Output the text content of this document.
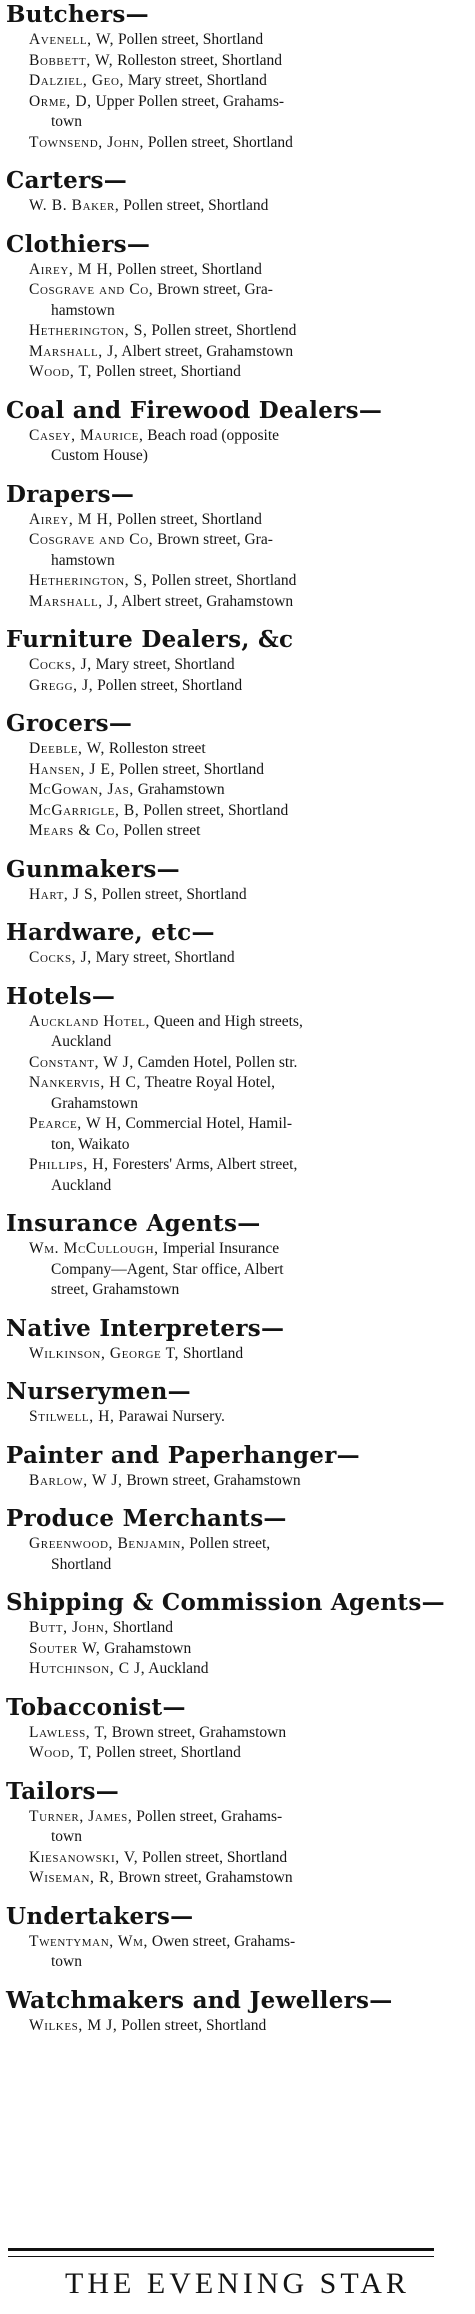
Butchers—
Avenell, W, Pollen street, Shortland
Bobbett, W, Rolleston street, Shortland
Dalziel, Geo, Mary street, Shortland
Orme, D, Upper Pollen street, Grahams-
town
Townsend, John, Pollen street, Shortland
Carters—
W. B. Baker, Pollen street, Shortland
Clothiers—
Airey, M H, Pollen street, Shortland
Cosgrave and Co, Brown street, Gra-
hamstown
Hetherington, S, Pollen street, Shortlend
Marshall, J, Albert street, Grahamstown
Wood, T, Pollen street, Shortiand
Coal and Firewood Dealers—
Casey, Maurice, Beach road (opposite
Custom House)
Drapers—
Airey, M H, Pollen street, Shortland
Cosgrave and Co, Brown street, Gra-
hamstown
Hetherington, S, Pollen street, Shortland
Marshall, J, Albert street, Grahamstown
Furniture Dealers, &c
Cocks, J, Mary street, Shortland
Gregg, J, Pollen street, Shortland
Grocers—
Deeble, W, Rolleston street
Hansen, J E, Pollen street, Shortland
McGowan, Jas, Grahamstown
McGarrigle, B, Pollen street, Shortland
Mears & Co, Pollen street
Gunmakers—
Hart, J S, Pollen street, Shortland
Hardware, etc—
Cocks, J, Mary street, Shortland
Hotels—
Auckland Hotel, Queen and High streets,
Auckland
Constant, W J, Camden Hotel, Pollen str.
Nankervis, H C, Theatre Royal Hotel,
Grahamstown
Pearce, W H, Commercial Hotel, Hamil-
ton, Waikato
Phillips, H, Foresters' Arms, Albert street,
Auckland
Insurance Agents—
Wm. McCullough, Imperial Insurance
Company—Agent, Star office, Albert
street, Grahamstown
Native Interpreters—
Wilkinson, George T, Shortland
Nurserymen—
Stilwell, H, Parawai Nursery.
Painter and Paperhanger—
Barlow, W J, Brown street, Grahamstown
Produce Merchants—
Greenwood, Benjamin, Pollen street,
Shortland
Shipping & Commission Agents—
Butt, John, Shortland
Souter W, Grahamstown
Hutchinson, C J, Auckland
Tobacconist—
Lawless, T, Brown street, Grahamstown
Wood, T, Pollen street, Shortland
Tailors—
Turner, James, Pollen street, Grahams-
town
Kiesanowski, V, Pollen street, Shortland
Wiseman, R, Brown street, Grahamstown
Undertakers—
Twentyman, Wm, Owen street, Grahams-
town
Watchmakers and Jewellers—
Wilkes, M J, Pollen street, Shortland
THE EVENING STAR
